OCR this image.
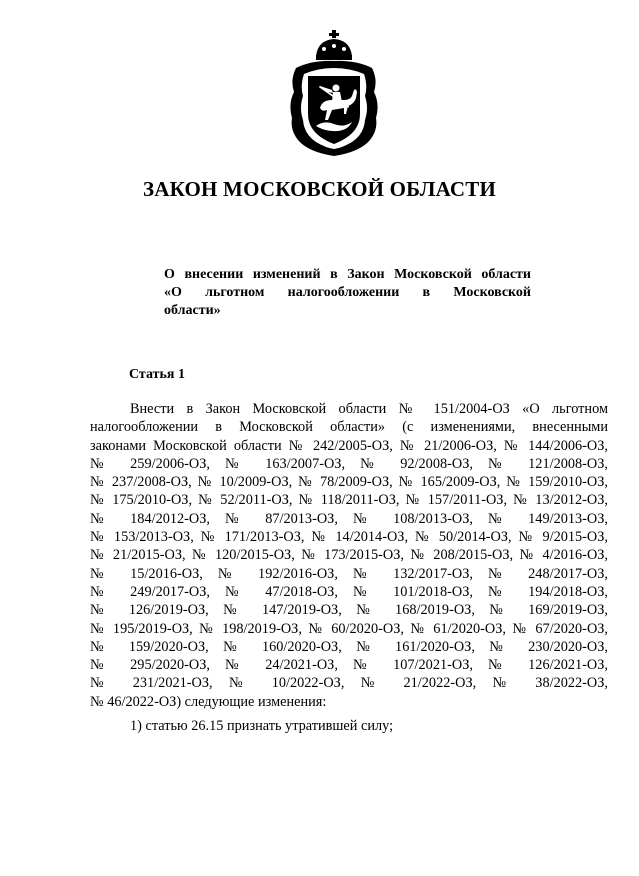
ЗАКОН МОСКОВСКОЙ ОБЛАСТИ
О внесении изменений в Закон Московской области
«О льготном налогообложении в Московской
области»
Статья 1
Внести в Закон Московской области № 151/2004-ОЗ «О льготном
налогообложении в Московской области» (с изменениями, внесенными
законами Московской области № 242/2005-ОЗ, № 21/2006-ОЗ, № 144/2006-ОЗ,
№ 259/2006-ОЗ, № 163/2007-ОЗ, № 92/2008-ОЗ, № 121/2008-ОЗ,
№ 237/2008-ОЗ, № 10/2009-ОЗ, № 78/2009-ОЗ, № 165/2009-ОЗ, № 159/2010-ОЗ,
№ 175/2010-ОЗ, № 52/2011-ОЗ, № 118/2011-ОЗ, № 157/2011-ОЗ, № 13/2012-ОЗ,
№ 184/2012-ОЗ, № 87/2013-ОЗ, № 108/2013-ОЗ, № 149/2013-ОЗ,
№ 153/2013-ОЗ, № 171/2013-ОЗ, № 14/2014-ОЗ, № 50/2014-ОЗ, № 9/2015-ОЗ,
№ 21/2015-ОЗ, № 120/2015-ОЗ, № 173/2015-ОЗ, № 208/2015-ОЗ, № 4/2016-ОЗ,
№ 15/2016-ОЗ, № 192/2016-ОЗ, № 132/2017-ОЗ, № 248/2017-ОЗ,
№ 249/2017-ОЗ, № 47/2018-ОЗ, № 101/2018-ОЗ, № 194/2018-ОЗ,
№ 126/2019-ОЗ, № 147/2019-ОЗ, № 168/2019-ОЗ, № 169/2019-ОЗ,
№ 195/2019-ОЗ, № 198/2019-ОЗ, № 60/2020-ОЗ, № 61/2020-ОЗ, № 67/2020-ОЗ,
№ 159/2020-ОЗ, № 160/2020-ОЗ, № 161/2020-ОЗ, № 230/2020-ОЗ,
№ 295/2020-ОЗ, № 24/2021-ОЗ, № 107/2021-ОЗ, № 126/2021-ОЗ,
№ 231/2021-ОЗ, № 10/2022-ОЗ, № 21/2022-ОЗ, № 38/2022-ОЗ,
№ 46/2022-ОЗ) следующие изменения:
1) статью 26.15 признать утратившей силу;
